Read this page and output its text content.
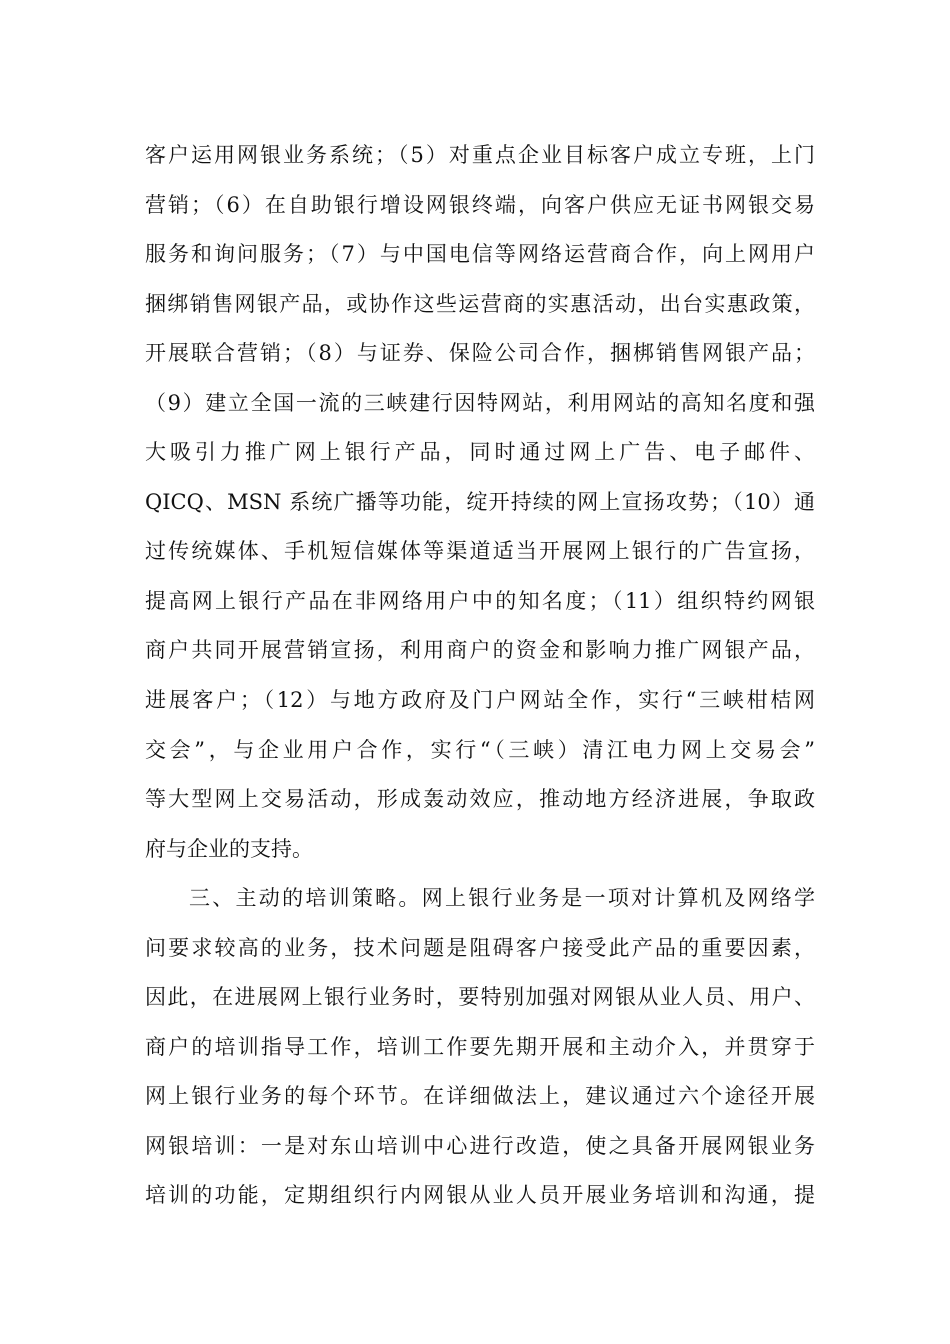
客户运用网银业务系统；（5）对重点企业目标客户成立专班，上门
营销；（6）在自助银行增设网银终端，向客户供应无证书网银交易
服务和询问服务；（7）与中国电信等网络运营商合作，向上网用户
捆绑销售网银产品，或协作这些运营商的实惠活动，出台实惠政策，
开展联合营销；（8）与证券、保险公司合作，捆梆销售网银产品；
（9）建立全国一流的三峡建行因特网站，利用网站的高知名度和强
大吸引力推广网上银行产品，同时通过网上广告、电子邮件、
QICQ、MSN 系统广播等功能，绽开持续的网上宣扬攻势；（10）通
过传统媒体、手机短信媒体等渠道适当开展网上银行的广告宣扬，
提高网上银行产品在非网络用户中的知名度；（11）组织特约网银
商户共同开展营销宣扬，利用商户的资金和影响力推广网银产品，
进展客户；（12）与地方政府及门户网站全作，实行“三峡柑桔网
交会”，与企业用户合作，实行“（三峡）清江电力网上交易会”
等大型网上交易活动，形成轰动效应，推动地方经济进展，争取政
府与企业的支持。
三、主动的培训策略。网上银行业务是一项对计算机及网络学
问要求较高的业务，技术问题是阻碍客户接受此产品的重要因素，
因此，在进展网上银行业务时，要特别加强对网银从业人员、用户、
商户的培训指导工作，培训工作要先期开展和主动介入，并贯穿于
网上银行业务的每个环节。在详细做法上，建议通过六个途径开展
网银培训：一是对东山培训中心进行改造，使之具备开展网银业务
培训的功能，定期组织行内网银从业人员开展业务培训和沟通，提
